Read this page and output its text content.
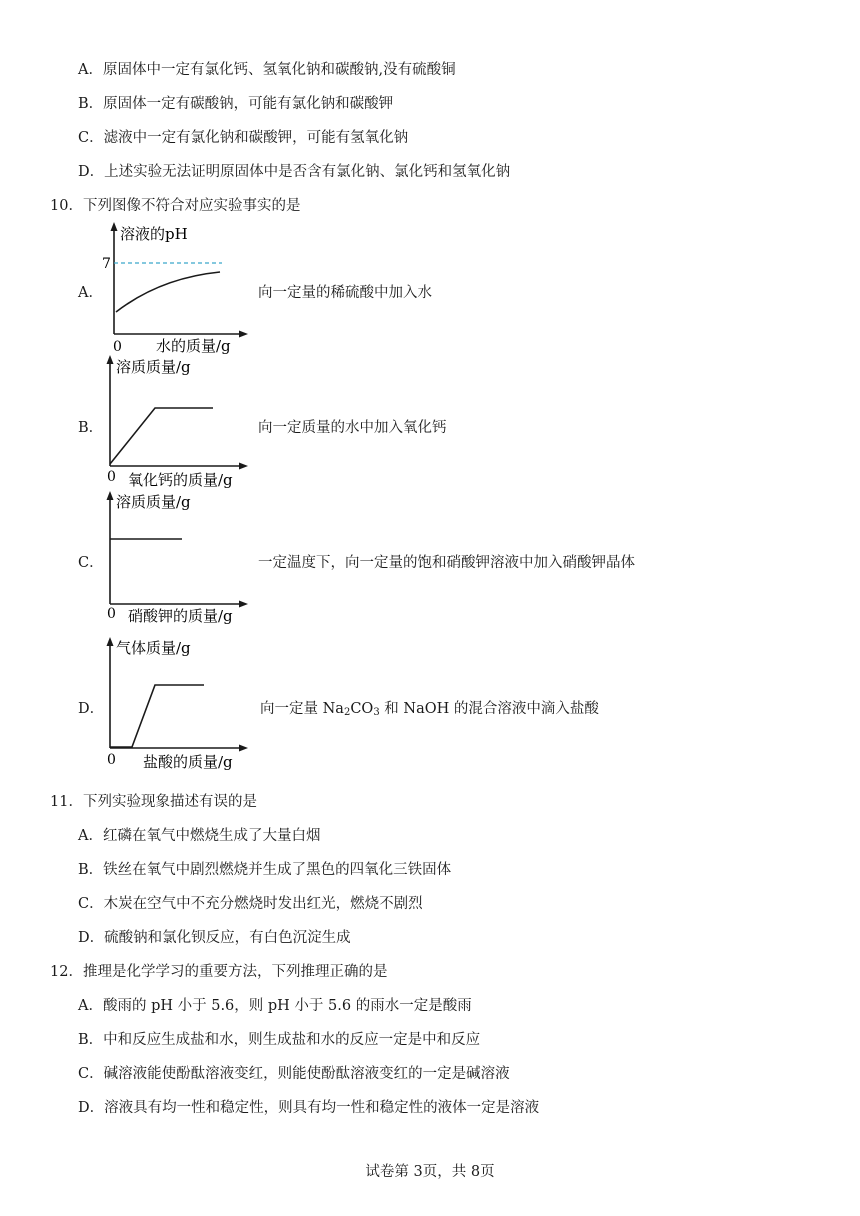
A．原固体中一定有氯化钙、氢氧化钠和碳酸钠,没有硫酸铜
B．原固体一定有碳酸钠，可能有氯化钠和碳酸钾
C．滤液中一定有氯化钠和碳酸钾，可能有氢氧化钠
D．上述实验无法证明原固体中是否含有氯化钠、氯化钙和氢氧化钠
10．下列图像不符合对应实验事实的是
A．
溶液的pH
7
0 水的质量/g
向一定量的稀硫酸中加入水
B．
溶质质量/g
0 氧化钙的质量/g
向一定质量的水中加入氧化钙
C．
溶质质量/g
0 硝酸钾的质量/g
一定温度下，向一定量的饱和硝酸钾溶液中加入硝酸钾晶体
D．
气体质量/g
0 盐酸的质量/g
向一定量 $Na_2CO_3$ 和 NaOH 的混合溶液中滴入盐酸
11．下列实验现象描述有误的是
A．红磷在氧气中燃烧生成了大量白烟
B．铁丝在氧气中剧烈燃烧并生成了黑色的四氧化三铁固体
C．木炭在空气中不充分燃烧时发出红光，燃烧不剧烈
D．硫酸钠和氯化钡反应，有白色沉淀生成
12．推理是化学学习的重要方法，下列推理正确的是
A．酸雨的 pH 小于 5.6，则 pH 小于 5.6 的雨水一定是酸雨
B．中和反应生成盐和水，则生成盐和水的反应一定是中和反应
C．碱溶液能使酚酞溶液变红，则能使酚酞溶液变红的一定是碱溶液
D．溶液具有均一性和稳定性，则具有均一性和稳定性的液体一定是溶液
试卷第 3页，共 8页
